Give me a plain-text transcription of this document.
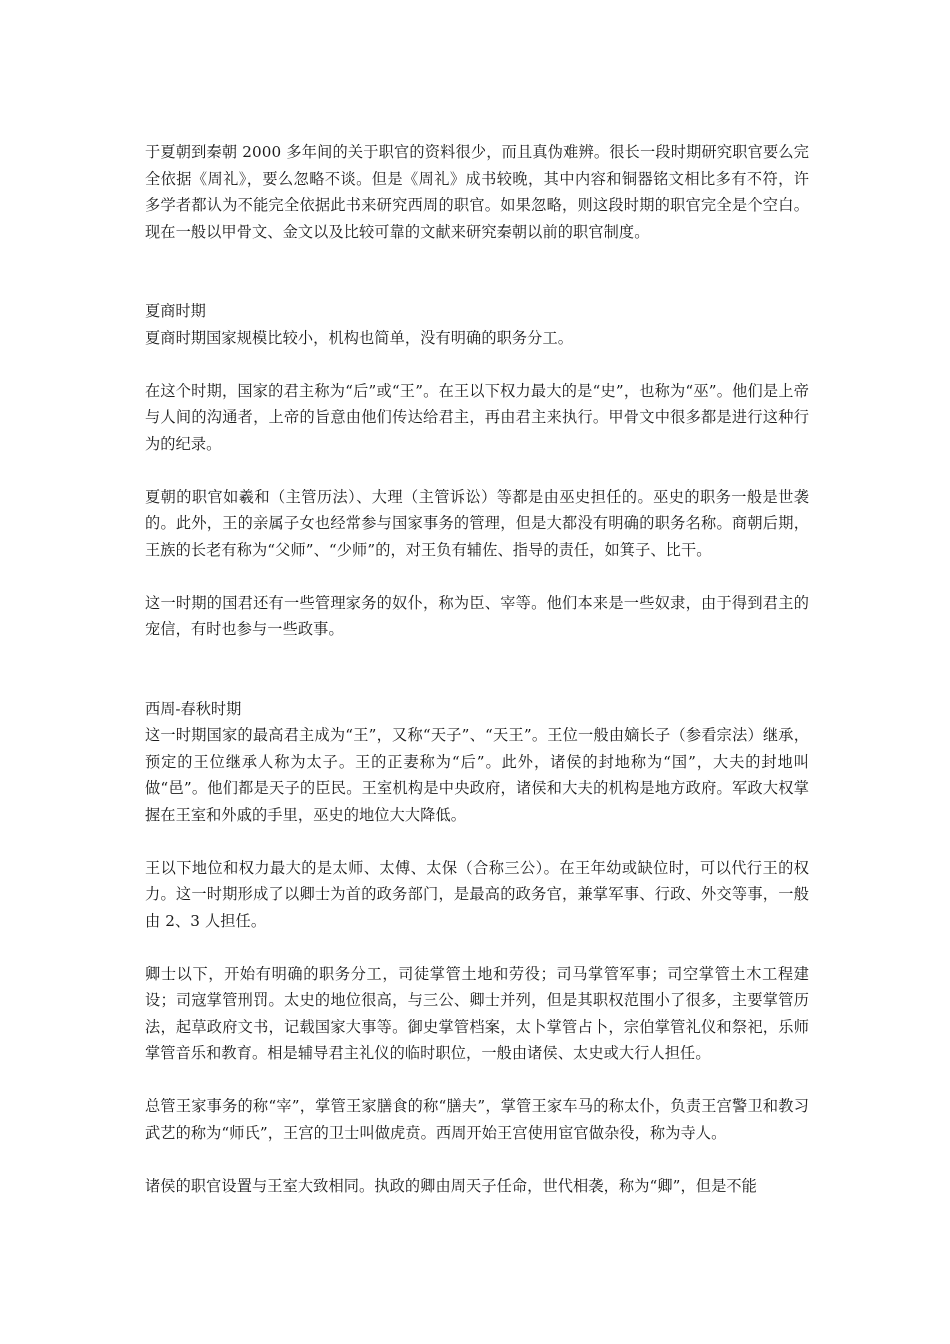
于夏朝到秦朝 2000 多年间的关于职官的资料很少，而且真伪难辨。很长一段时期研究职官要么完全依据《周礼》，要么忽略不谈。但是《周礼》成书较晚，其中内容和铜器铭文相比多有不符，许多学者都认为不能完全依据此书来研究西周的职官。如果忽略，则这段时期的职官完全是个空白。现在一般以甲骨文、金文以及比较可靠的文献来研究秦朝以前的职官制度。

夏商时期

夏商时期国家规模比较小，机构也简单，没有明确的职务分工。

在这个时期，国家的君主称为“后”或“王”。在王以下权力最大的是“史”，也称为“巫”。他们是上帝与人间的沟通者，上帝的旨意由他们传达给君主，再由君主来执行。甲骨文中很多都是进行这种行为的纪录。

夏朝的职官如羲和（主管历法）、大理（主管诉讼）等都是由巫史担任的。巫史的职务一般是世袭的。此外，王的亲属子女也经常参与国家事务的管理，但是大都没有明确的职务名称。商朝后期，王族的长老有称为“父师”、“少师”的，对王负有辅佐、指导的责任，如箕子、比干。

这一时期的国君还有一些管理家务的奴仆，称为臣、宰等。他们本来是一些奴隶，由于得到君主的宠信，有时也参与一些政事。

西周-春秋时期

这一时期国家的最高君主成为“王”，又称“天子”、“天王”。王位一般由嫡长子（参看宗法）继承，预定的王位继承人称为太子。王的正妻称为“后”。此外，诸侯的封地称为“国”，大夫的封地叫做“邑”。他们都是天子的臣民。王室机构是中央政府，诸侯和大夫的机构是地方政府。军政大权掌握在王室和外戚的手里，巫史的地位大大降低。

王以下地位和权力最大的是太师、太傅、太保（合称三公）。在王年幼或缺位时，可以代行王的权力。这一时期形成了以卿士为首的政务部门，是最高的政务官，兼掌军事、行政、外交等事，一般由 2、3 人担任。

卿士以下，开始有明确的职务分工，司徒掌管土地和劳役；司马掌管军事；司空掌管土木工程建设；司寇掌管刑罚。太史的地位很高，与三公、卿士并列，但是其职权范围小了很多，主要掌管历法，起草政府文书，记载国家大事等。御史掌管档案，太卜掌管占卜，宗伯掌管礼仪和祭祀，乐师掌管音乐和教育。相是辅导君主礼仪的临时职位，一般由诸侯、太史或大行人担任。

总管王家事务的称“宰”，掌管王家膳食的称“膳夫”，掌管王家车马的称太仆，负责王宫警卫和教习武艺的称为“师氏”，王宫的卫士叫做虎贲。西周开始王宫使用宦官做杂役，称为寺人。

诸侯的职官设置与王室大致相同。执政的卿由周天子任命，世代相袭，称为“卿”，但是不能
